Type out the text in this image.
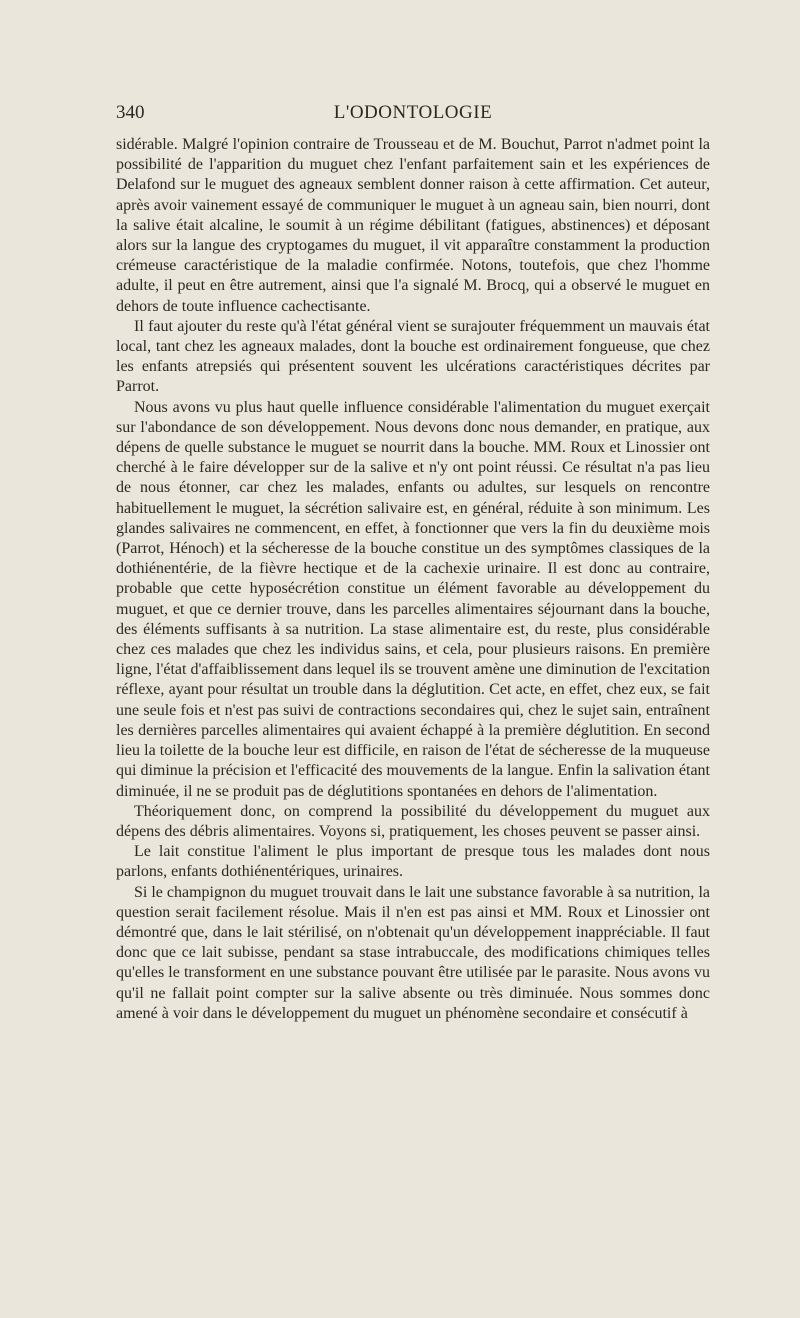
340	L'ODONTOLOGIE

sidérable. Malgré l'opinion contraire de Trousseau et de M. Bouchut, Parrot n'admet point la possibilité de l'apparition du muguet chez l'enfant parfaitement sain et les expériences de Delafond sur le muguet des agneaux semblent donner raison à cette affirmation. Cet auteur, après avoir vainement essayé de communiquer le muguet à un agneau sain, bien nourri, dont la salive était alcaline, le soumit à un régime débilitant (fatigues, abstinences) et déposant alors sur la langue des cryptogames du muguet, il vit apparaître constamment la production crémeuse caractéristique de la maladie confirmée. Notons, toutefois, que chez l'homme adulte, il peut en être autrement, ainsi que l'a signalé M. Brocq, qui a observé le muguet en dehors de toute influence cachectisante.

Il faut ajouter du reste qu'à l'état général vient se surajouter fréquemment un mauvais état local, tant chez les agneaux malades, dont la bouche est ordinairement fongueuse, que chez les enfants atrepsiés qui présentent souvent les ulcérations caractéristiques décrites par Parrot.

Nous avons vu plus haut quelle influence considérable l'alimentation du muguet exerçait sur l'abondance de son développement. Nous devons donc nous demander, en pratique, aux dépens de quelle substance le muguet se nourrit dans la bouche. MM. Roux et Linossier ont cherché à le faire développer sur de la salive et n'y ont point réussi. Ce résultat n'a pas lieu de nous étonner, car chez les malades, enfants ou adultes, sur lesquels on rencontre habituellement le muguet, la sécrétion salivaire est, en général, réduite à son minimum. Les glandes salivaires ne commencent, en effet, à fonctionner que vers la fin du deuxième mois (Parrot, Hénoch) et la sécheresse de la bouche constitue un des symptômes classiques de la dothiénentérie, de la fièvre hectique et de la cachexie urinaire. Il est donc au contraire, probable que cette hyposécrétion constitue un élément favorable au développement du muguet, et que ce dernier trouve, dans les parcelles alimentaires séjournant dans la bouche, des éléments suffisants à sa nutrition. La stase alimentaire est, du reste, plus considérable chez ces malades que chez les individus sains, et cela, pour plusieurs raisons. En première ligne, l'état d'affaiblissement dans lequel ils se trouvent amène une diminution de l'excitation réflexe, ayant pour résultat un trouble dans la déglutition. Cet acte, en effet, chez eux, se fait une seule fois et n'est pas suivi de contractions secondaires qui, chez le sujet sain, entraînent les dernières parcelles alimentaires qui avaient échappé à la première déglutition. En second lieu la toilette de la bouche leur est difficile, en raison de l'état de sécheresse de la muqueuse qui diminue la précision et l'efficacité des mouvements de la langue. Enfin la salivation étant diminuée, il ne se produit pas de déglutitions spontanées en dehors de l'alimentation.

Théoriquement donc, on comprend la possibilité du développement du muguet aux dépens des débris alimentaires. Voyons si, pratiquement, les choses peuvent se passer ainsi.

Le lait constitue l'aliment le plus important de presque tous les malades dont nous parlons, enfants dothiénentériques, urinaires.

Si le champignon du muguet trouvait dans le lait une substance favorable à sa nutrition, la question serait facilement résolue. Mais il n'en est pas ainsi et MM. Roux et Linossier ont démontré que, dans le lait stérilisé, on n'obtenait qu'un développement inappréciable. Il faut donc que ce lait subisse, pendant sa stase intrabuccale, des modifications chimiques telles qu'elles le transforment en une substance pouvant être utilisée par le parasite. Nous avons vu qu'il ne fallait point compter sur la salive absente ou très diminuée. Nous sommes donc amené à voir dans le développement du muguet un phénomène secondaire et consécutif à
